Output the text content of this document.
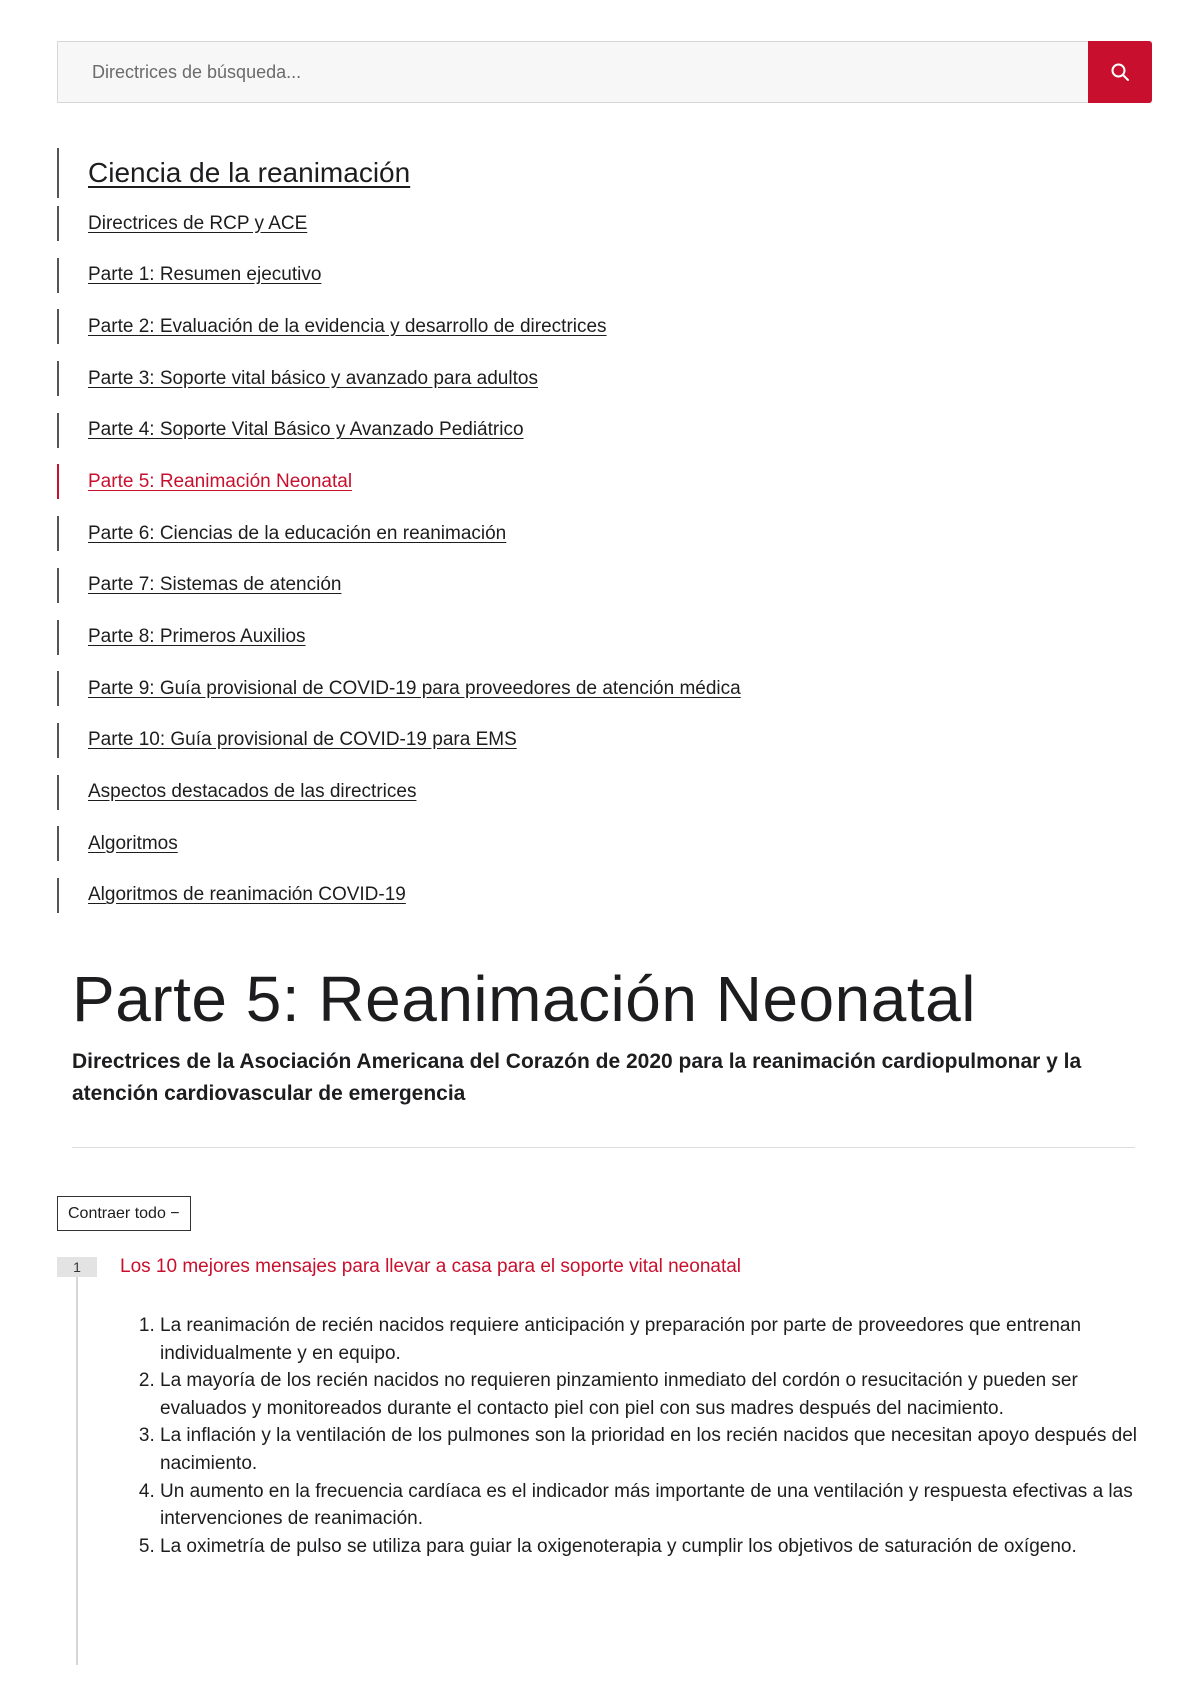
Directrices de búsqueda...
Ciencia de la reanimación
Directrices de RCP y ACE
Parte 1: Resumen ejecutivo
Parte 2: Evaluación de la evidencia y desarrollo de directrices
Parte 3: Soporte vital básico y avanzado para adultos
Parte 4: Soporte Vital Básico y Avanzado Pediátrico
Parte 5: Reanimación Neonatal
Parte 6: Ciencias de la educación en reanimación
Parte 7: Sistemas de atención
Parte 8: Primeros Auxilios
Parte 9: Guía provisional de COVID-19 para proveedores de atención médica
Parte 10: Guía provisional de COVID-19 para EMS
Aspectos destacados de las directrices
Algoritmos
Algoritmos de reanimación COVID-19
Parte 5: Reanimación Neonatal
Directrices de la Asociación Americana del Corazón de 2020 para la reanimación cardiopulmonar y la atención cardiovascular de emergencia
Contraer todo −
1	Los 10 mejores mensajes para llevar a casa para el soporte vital neonatal
1. La reanimación de recién nacidos requiere anticipación y preparación por parte de proveedores que entrenan individualmente y en equipo.
2. La mayoría de los recién nacidos no requieren pinzamiento inmediato del cordón o resucitación y pueden ser evaluados y monitoreados durante el contacto piel con piel con sus madres después del nacimiento.
3. La inflación y la ventilación de los pulmones son la prioridad en los recién nacidos que necesitan apoyo después del nacimiento.
4. Un aumento en la frecuencia cardíaca es el indicador más importante de una ventilación y respuesta efectivas a las intervenciones de reanimación.
5. La oximetría de pulso se utiliza para guiar la oxigenoterapia y cumplir los objetivos de saturación de oxígeno.
